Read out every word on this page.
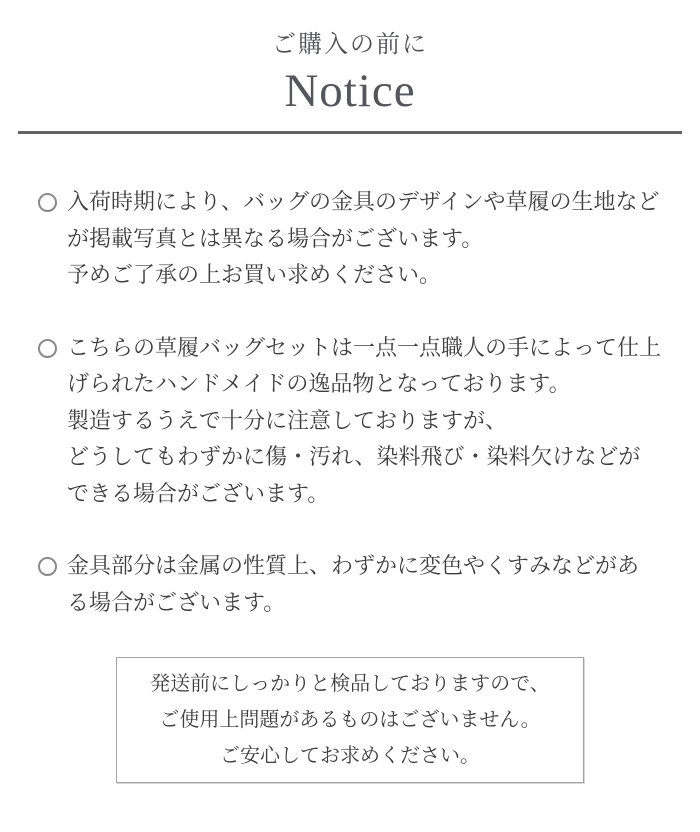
ご購入の前に
Notice
入荷時期により、バッグの金具のデザインや草履の生地など
が掲載写真とは異なる場合がございます。
予めご了承の上お買い求めください。
こちらの草履バッグセットは一点一点職人の手によって仕上
げられたハンドメイドの逸品物となっております。
製造するうえで十分に注意しておりますが、
どうしてもわずかに傷・汚れ、染料飛び・染料欠けなどが
できる場合がございます。
金具部分は金属の性質上、わずかに変色やくすみなどがあ
る場合がございます。
発送前にしっかりと検品しておりますので、
ご使用上問題があるものはございません。
ご安心してお求めください。
